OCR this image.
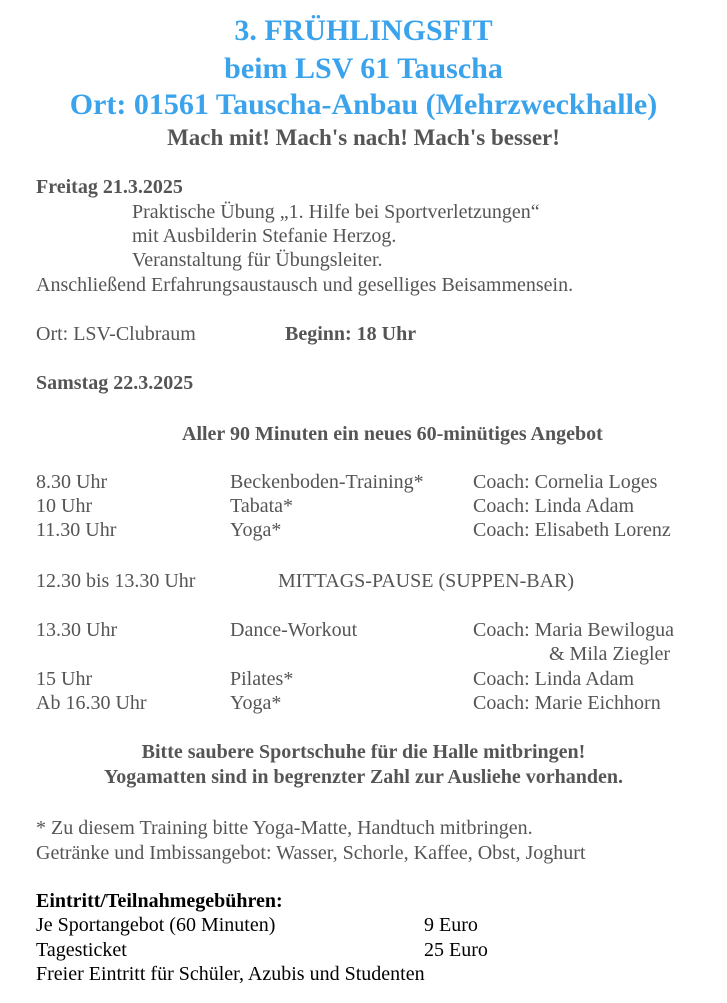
3. FRÜHLINGSFIT
beim LSV 61 Tauscha
Ort: 01561 Tauscha-Anbau (Mehrzweckhalle)
Mach mit! Mach's nach! Mach's besser!
Freitag 21.3.2025
Praktische Übung „1. Hilfe bei Sportverletzungen“
mit Ausbilderin Stefanie Herzog.
Veranstaltung für Übungsleiter.
Anschließend Erfahrungsaustausch und geselliges Beisammensein.
Ort: LSV-Clubraum	Beginn: 18 Uhr
Samstag 22.3.2025
Aller 90 Minuten ein neues 60-minütiges Angebot
8.30 Uhr	Beckenboden-Training* Coach: Cornelia Loges
10 Uhr	Tabata*	Coach: Linda Adam
11.30 Uhr	Yoga*	Coach: Elisabeth Lorenz
12.30 bis 13.30 Uhr	MITTAGS-PAUSE (SUPPEN-BAR)
13.30 Uhr	Dance-Workout	Coach: Maria Bewilogua
& Mila Ziegler
15 Uhr	Pilates*	Coach: Linda Adam
Ab 16.30 Uhr	Yoga*	Coach: Marie Eichhorn
Bitte saubere Sportschuhe für die Halle mitbringen!
Yogamatten sind in begrenzter Zahl zur Ausliehe vorhanden.
* Zu diesem Training bitte Yoga-Matte, Handtuch mitbringen.
Getränke und Imbissangebot: Wasser, Schorle, Kaffee, Obst, Joghurt
Eintritt/Teilnahmegebühren:
Je Sportangebot (60 Minuten)	9 Euro
Tagesticket	25 Euro
Freier Eintritt für Schüler, Azubis und Studenten
